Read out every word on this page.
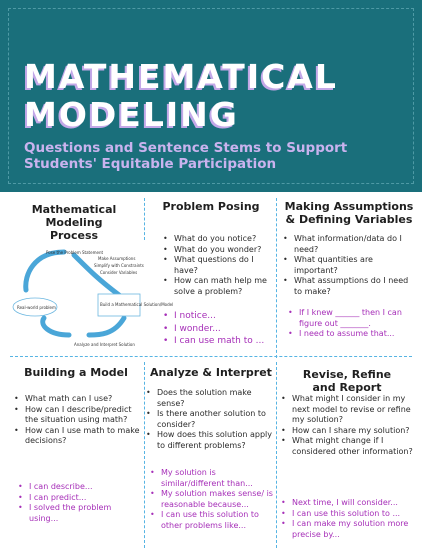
MATHEMATICAL MODELING
Questions and Sentence Stems to Support Students' Equitable Participation
Mathematical Modeling Process
Pose the Problem Statement
Make Assumptions
Simplify with Constraints
Consider Variables
Build a Mathematical Solution/Model
Real-world problem
Analyze and Interpret Solution
Problem Posing
• What do you notice?
• What do you wonder?
• What questions do I have?
• How can math help me solve a problem?
• I notice...
• I wonder...
• I can use math to ...
Making Assumptions & Defining Variables
• What information/data do I need?
• What quantities are important?
• What assumptions do I need to make?
• If I knew ______ then I can figure out _______.
• I need to assume that...
Building a Model
• What math can I use?
• How can I describe/predict the situation using math?
• How can I use math to make decisions?
• I can describe...
• I can predict...
• I solved the problem using...
Analyze & Interpret
• Does the solution make sense?
• Is there another solution to consider?
• How does this solution apply to different problems?
• My solution is similar/different than...
• My solution makes sense/ is reasonable because...
• I can use this solution to other problems like...
Revise, Refine and Report
• What might I consider in my next model to revise or refine my solution?
• How can I share my solution?
• What might change if I considered other information?
• Next time, I will consider...
• I can use this solution to ...
• I can make my solution more precise by...
